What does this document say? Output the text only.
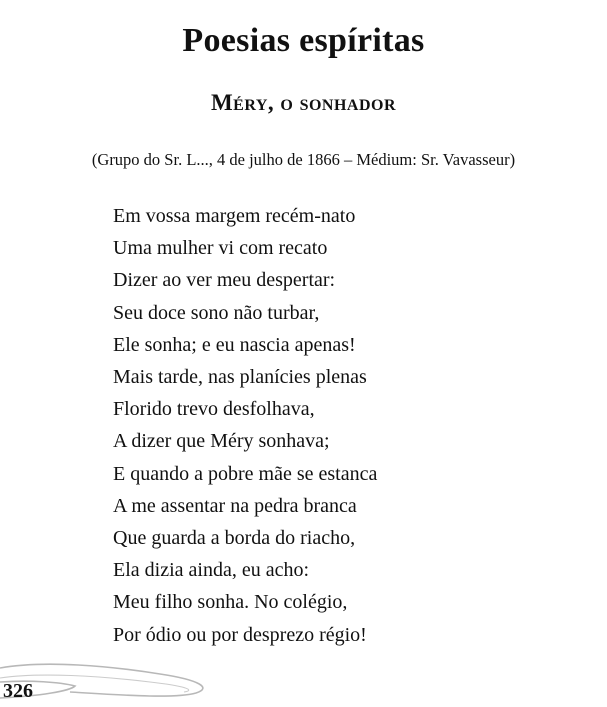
Poesias espíritas
Méry, o sonhador

(Grupo do Sr. L..., 4 de julho de 1866 – Médium: Sr. Vavasseur)

Em vossa margem recém-nato
Uma mulher vi com recato
Dizer ao ver meu despertar:
Seu doce sono não turbar,
Ele sonha; e eu nascia apenas!
Mais tarde, nas planícies plenas
Florido trevo desfolhava,
A dizer que Méry sonhava;
E quando a pobre mãe se estanca
A me assentar na pedra branca
Que guarda a borda do riacho,
Ela dizia ainda, eu acho:
Meu filho sonha. No colégio,
Por ódio ou por desprezo régio!
326
